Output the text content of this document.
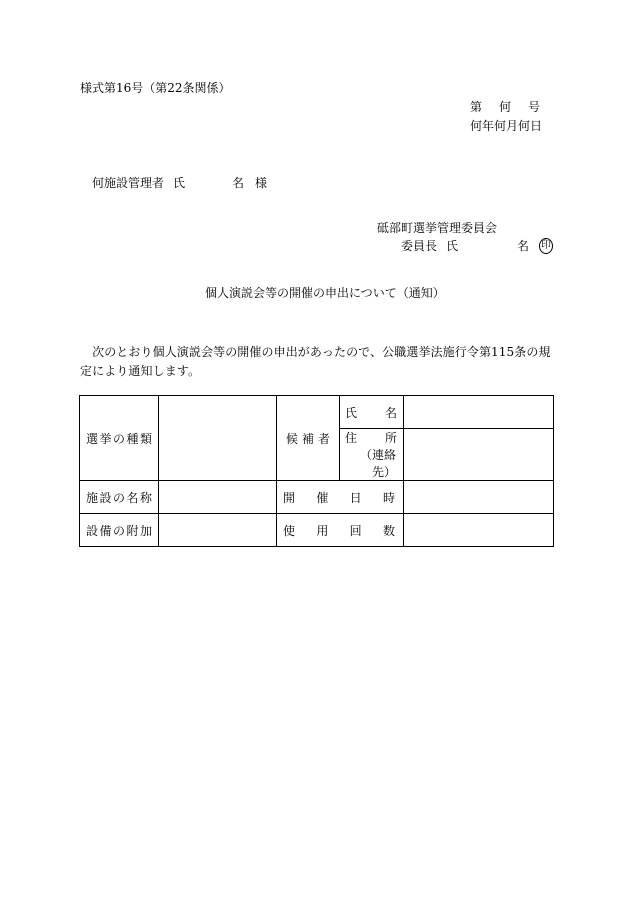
様式第16号（第22条関係）
第 何 号
何年何月何日
何施設管理者 氏	名 様
砥部町選挙管理委員会
委員長 氏	名 印
個人演説会等の開催の申出について（通知）
　次のとおり個人演説会等の開催の申出があったので、公職選挙法施行令第115条の規定により通知します。
選挙の種類		候補者	氏名	
			住所
（連絡先）	

施設の名称		開催日時		
設備の附加		使用回数		
